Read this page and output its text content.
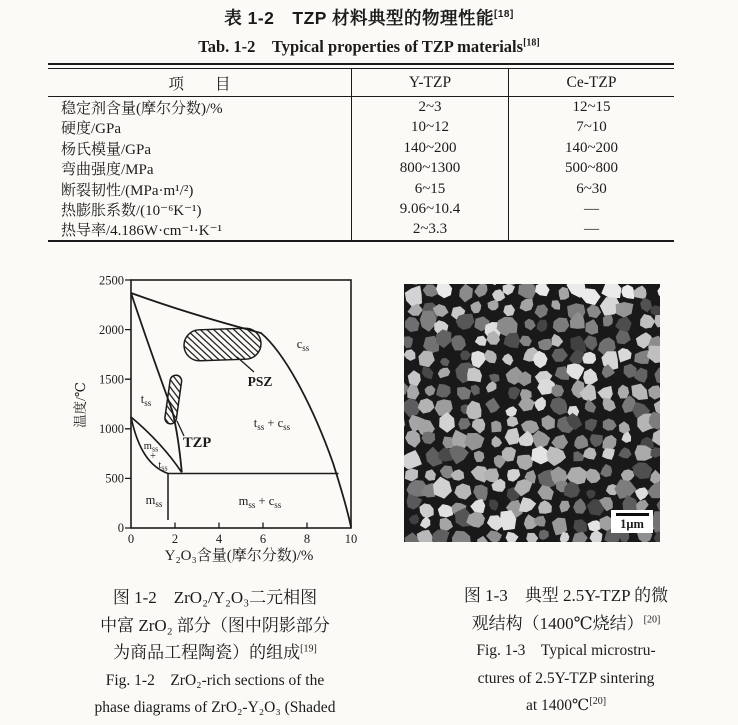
表 1-2　TZP 材料典型的物理性能[18]
Tab. 1-2　Typical properties of TZP materials[18]
项　　目	Y-TZP	Ce-TZP
稳定剂含量(摩尔分数)/%	2~3	12~15
硬度/GPa	10~12	7~10
杨氏模量/GPa	140~200	140~200
弯曲强度/MPa	800~1300	500~800
断裂韧性/(MPa·m¹/²)	6~15	6~30
热膨胀系数/(10⁻⁶K⁻¹)	9.06~10.4	—
热导率/4.186W·cm⁻¹·K⁻¹	2~3.3	—
2500
2000
1500
1000
500
0
0	2	4	6	8	10
温度/℃
Y₂O₃含量(摩尔分数)/%
$c_{ss}$
$t_{ss}$
$t_{ss} + c_{ss}$
$m_{ss}$
+
$t_{ss}$
$m_{ss}$	$m_{ss} + c_{ss}$
PSZ
TZP
1μm
图 1-2　ZrO₂/Y₂O₃二元相图
中富 ZrO₂ 部分（图中阴影部分
为商品工程陶瓷）的组成[19]
Fig. 1-2　ZrO₂-rich sections of the
phase diagrams of ZrO₂-Y₂O₃ (Shaded
图 1-3　典型 2.5Y-TZP 的微
观结构（1400℃烧结）[20]
Fig. 1-3　Typical microstru-
ctures of 2.5Y-TZP sintering
at 1400℃[20]
